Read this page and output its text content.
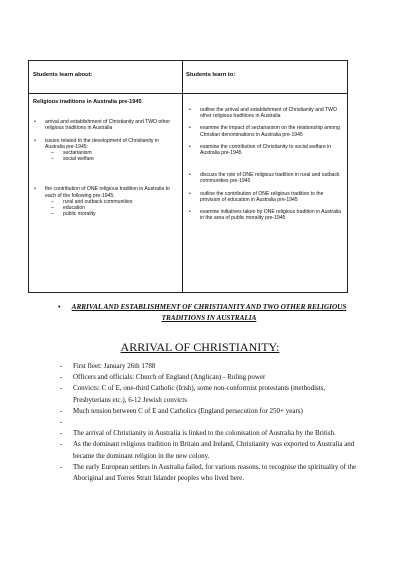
Students learn about:	Students learn to:
Religious traditions in Australia pre-1945
• arrival and establishment of Christianity and TWO other religious traditions in Australia
• issues related to the development of Christianity in Australia pre-1945:
– sectarianism
– social welfare
• the contribution of ONE religious tradition in Australia to each of the following pre-1945:
– rural and outback communities
– education
– public morality
• outline the arrival and establishment of Christianity and TWO other religious traditions in Australia
• examine the impact of sectarianism on the relationship among Christian denominations in Australia pre-1945
• examine the contribution of Christianity to social welfare in Australia pre-1945
• discuss the role of ONE religious tradition in rural and outback communities pre-1945
• outline the contribution of ONE religious tradition to the provision of education in Australia pre-1945
• examine initiatives taken by ONE religious tradition in Australia in the area of public morality pre-1945
• ARRIVAL AND ESTABLISHMENT OF CHRISTIANITY AND TWO OTHER RELIGIOUS TRADITIONS IN AUSTRALIA
ARRIVAL OF CHRISTIANITY:
- First fleet: January 26th 1788
- Officers and officials: Church of England (Anglican) - Ruling power
- Convicts: C of E, one-third Catholic (Irish), some non-conformist protestants (methodists, Presbyterians etc.), 6-12 Jewish convicts
- Much tension between C of E and Catholics (England persecution for 250+ years)
-
- The arrival of Christianity in Australia is linked to the colonisation of Australia by the British.
- As the dominant religious tradition in Britain and Ireland, Christianity was exported to Australia and became the dominant religion in the new colony.
- The early European settlers in Australia failed, for various reasons, to recognise the spirituality of the Aboriginal and Torres Strait Islander peoples who lived here.
